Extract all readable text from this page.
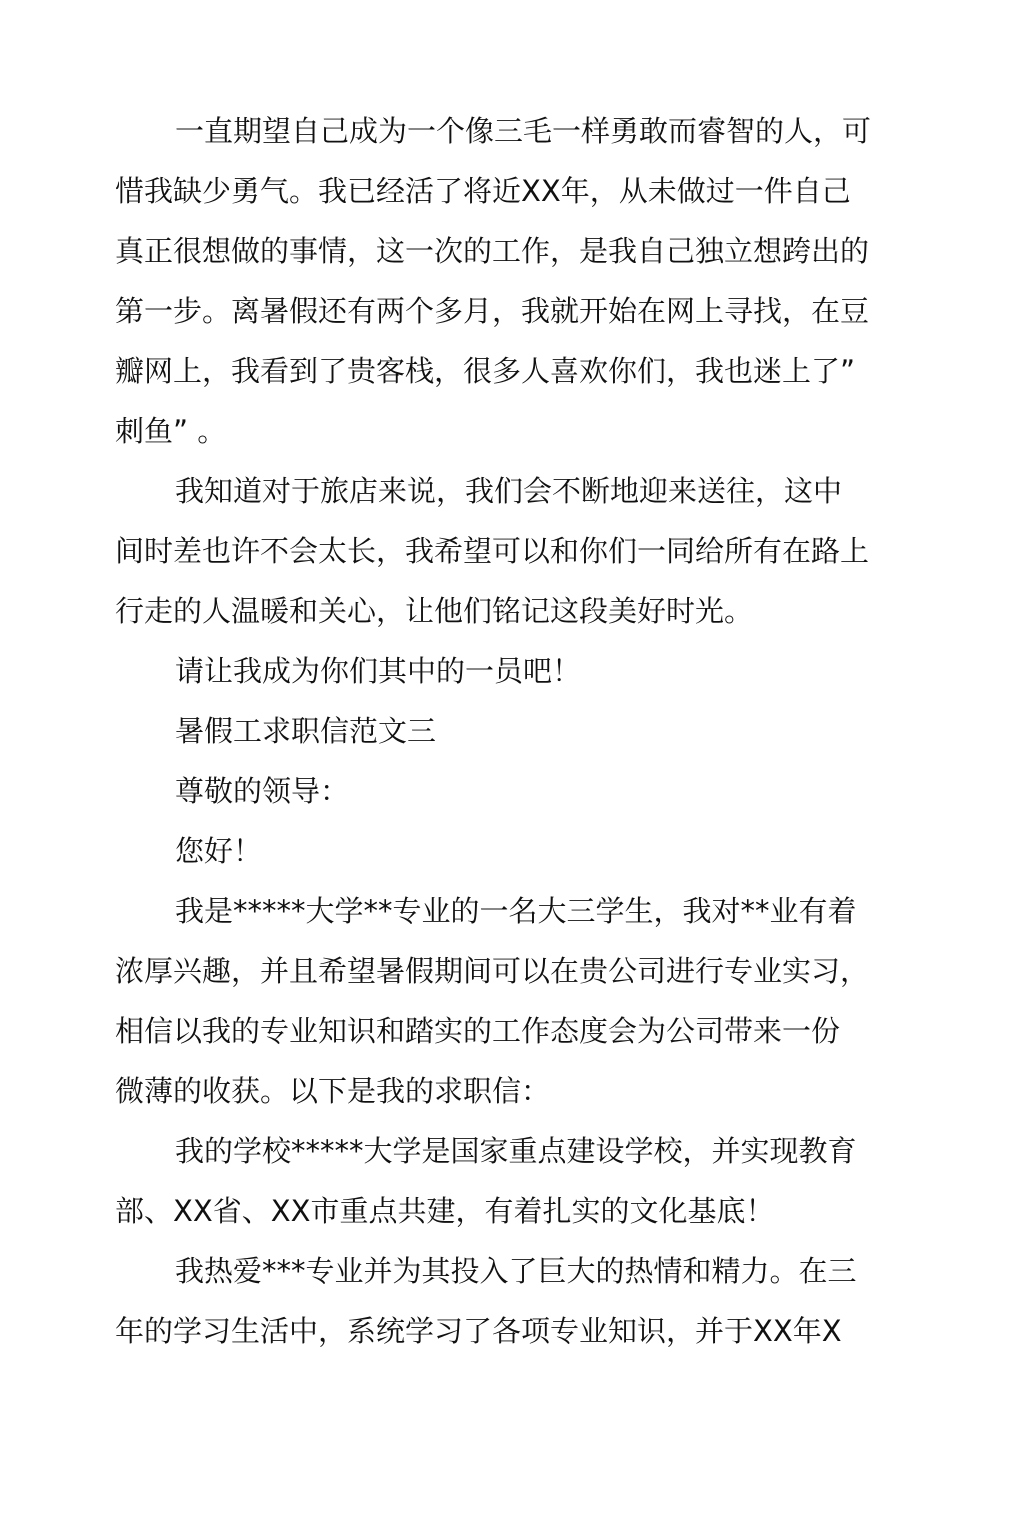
一直期望自己成为一个像三毛一样勇敢而睿智的人，可
惜我缺少勇气。我已经活了将近XX年，从未做过一件自己
真正很想做的事情，这一次的工作，是我自己独立想跨出的
第一步。离暑假还有两个多月，我就开始在网上寻找，在豆
瓣网上，我看到了贵客栈，很多人喜欢你们，我也迷上了”
刺鱼” 。
我知道对于旅店来说，我们会不断地迎来送往，这中
间时差也许不会太长，我希望可以和你们一同给所有在路上
行走的人温暖和关心，让他们铭记这段美好时光。
请让我成为你们其中的一员吧！
暑假工求职信范文三
尊敬的领导：
您好！
我是*****大学**专业的一名大三学生，我对**业有着
浓厚兴趣，并且希望暑假期间可以在贵公司进行专业实习，
相信以我的专业知识和踏实的工作态度会为公司带来一份
微薄的收获。以下是我的求职信：
我的学校*****大学是国家重点建设学校，并实现教育
部、XX省、XX市重点共建，有着扎实的文化基底！
我热爱***专业并为其投入了巨大的热情和精力。在三
年的学习生活中，系统学习了各项专业知识，并于XX年X
